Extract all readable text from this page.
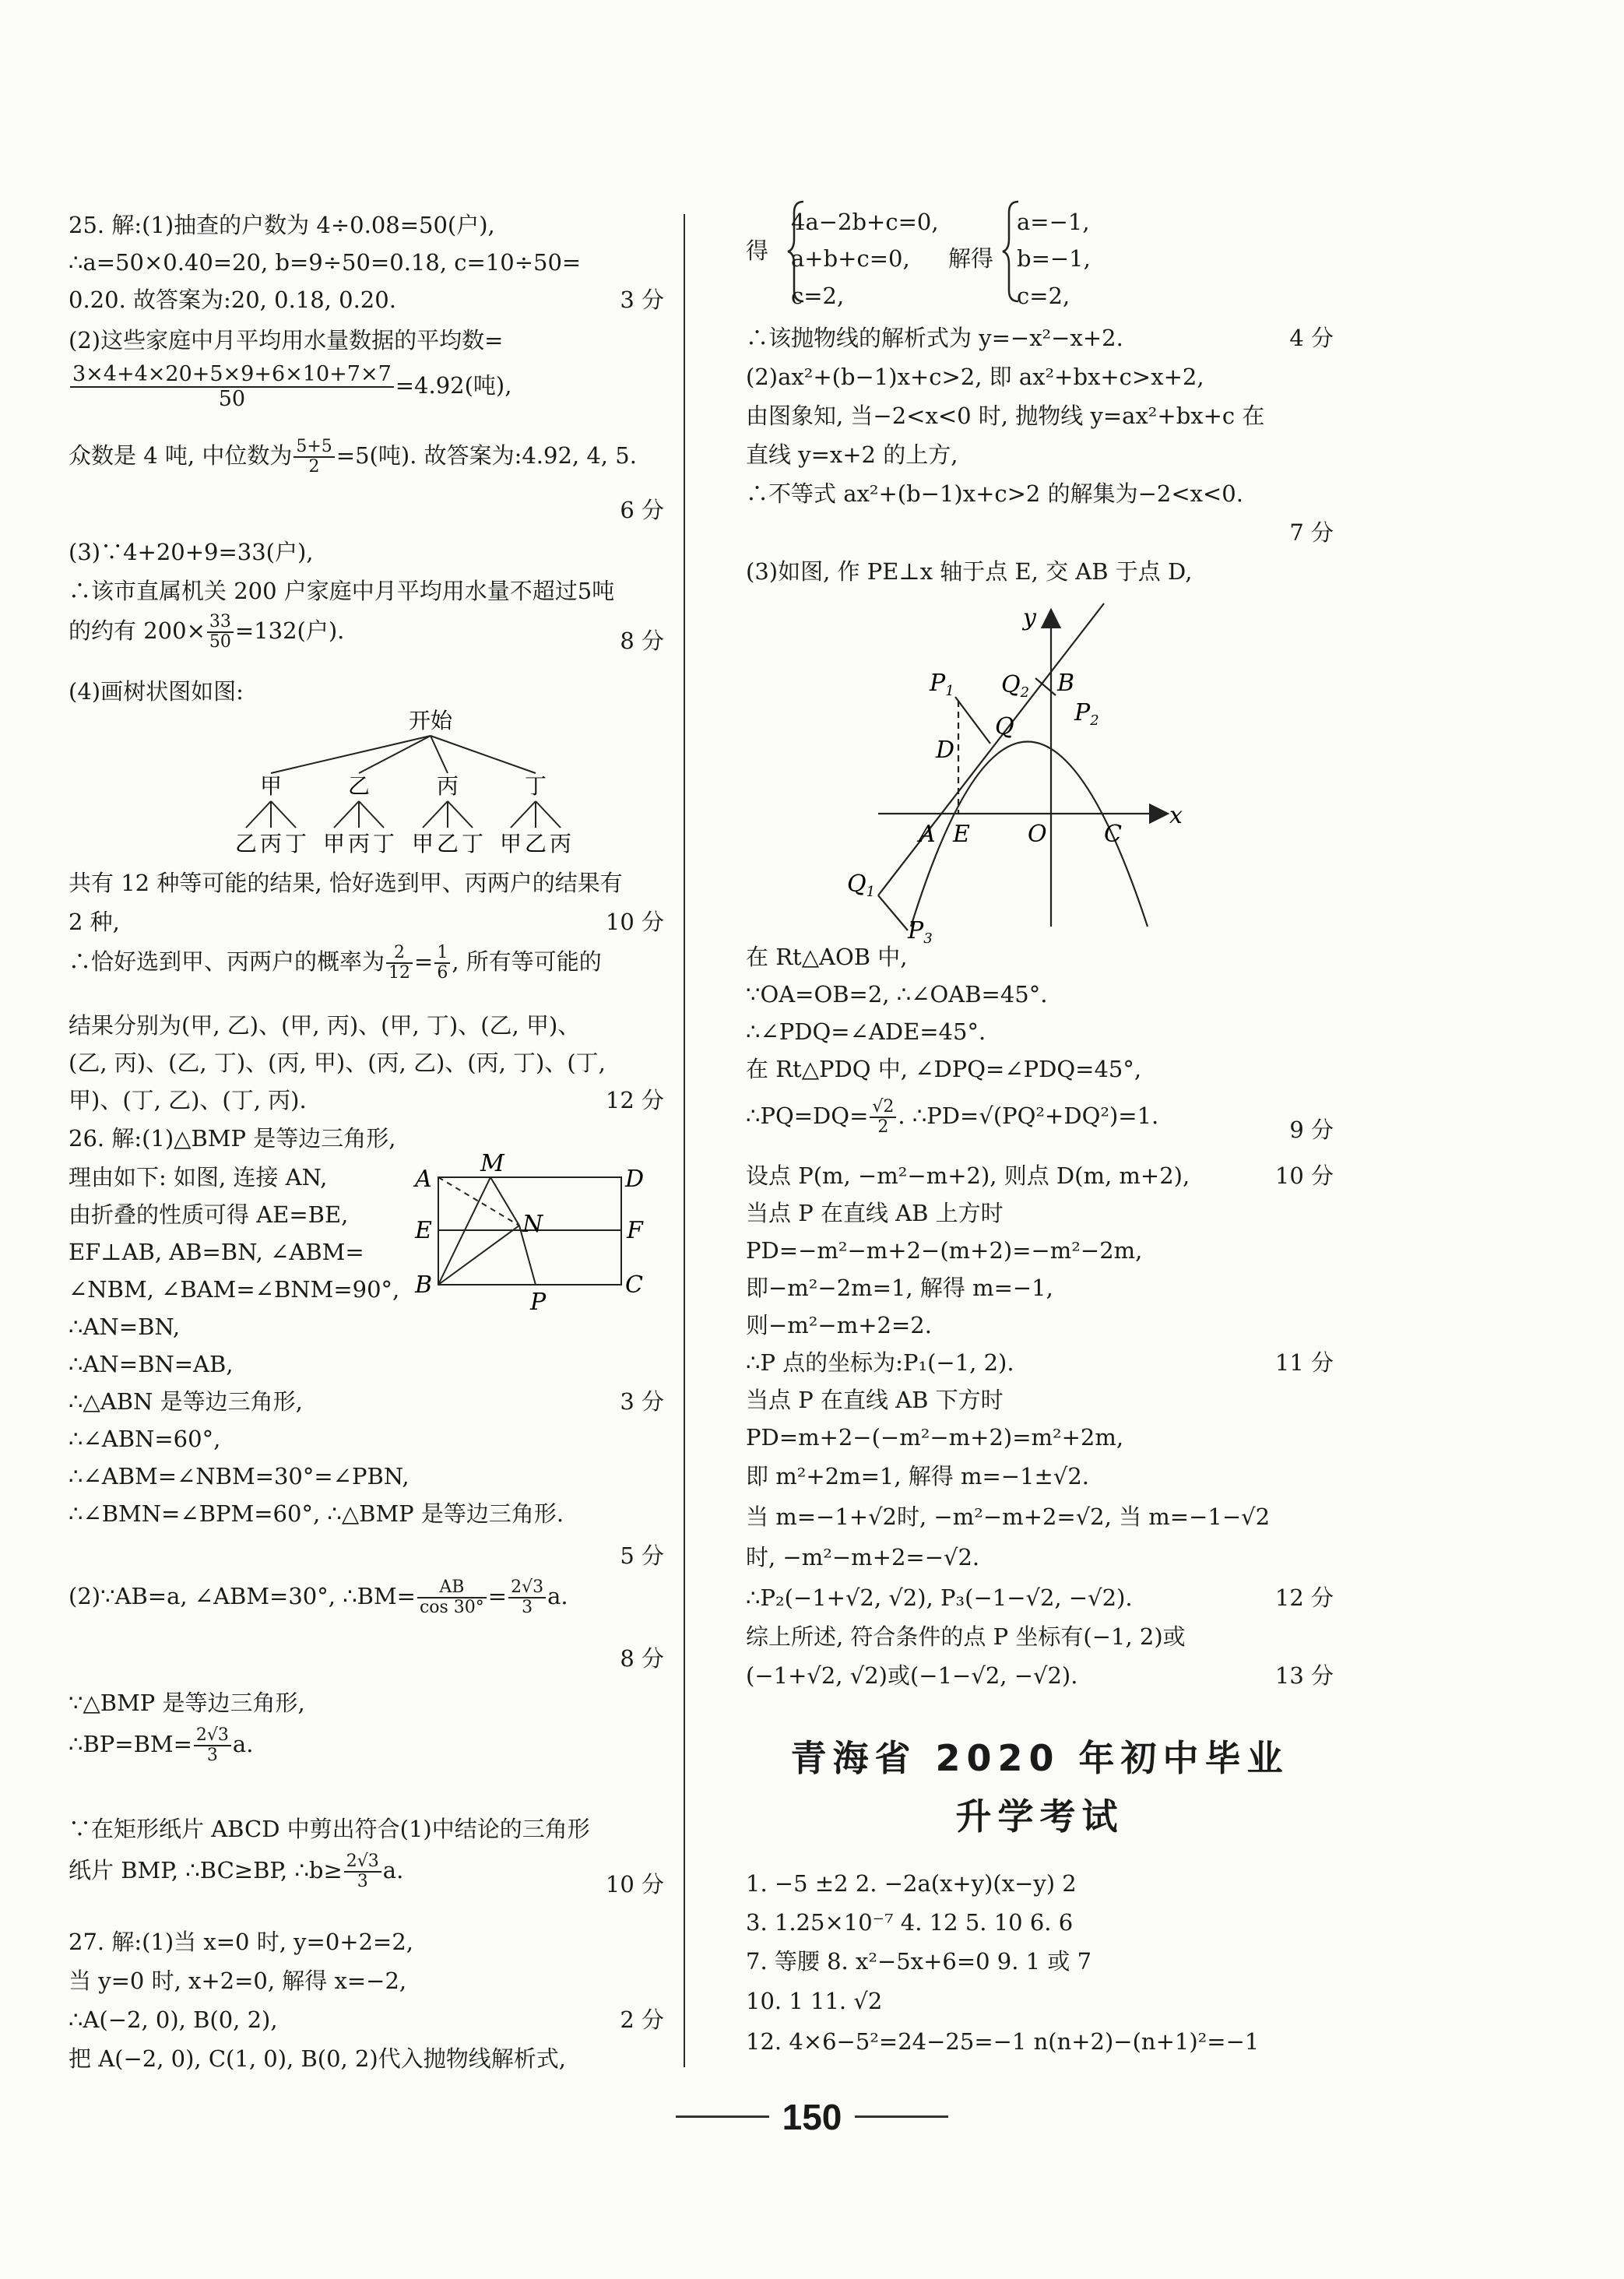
25. 解:(1)抽查的户数为 4÷0.08=50(户),
∴a=50×0.40=20, b=9÷50=0.18, c=10÷50=
0.20. 故答案为:20, 0.18, 0.20.	3 分
(2)这些家庭中月平均用水量数据的平均数=
$\frac{3\times 4+4\times 20+5\times 9+6\times 10+7\times 7}{50} =4.92$(吨),
众数是 4 吨, 中位数为 $\frac{5+5}{2} =5$(吨). 故答案为:4.92, 4, 5.
6 分
(3)∵4+20+9=33(户),
∴该市直属机关 200 户家庭中月平均用水量不超过5吨
的约有 $200\times \frac{33}{50} =132$(户).	8 分
(4)画树状图如图:
开始
甲	乙	丙	丁
乙 丙 丁 甲 丙 丁 甲 乙 丁 甲 乙 丙
共有 12 种等可能的结果, 恰好选到甲、丙两户的结果有
2 种,	10 分
∴恰好选到甲、丙两户的概率为 $\frac{2}{12} = \frac{1}{6}$ , 所有等可能的
结果分别为(甲, 乙)、(甲, 丙)、(甲, 丁)、(乙, 甲)、
(乙, 丙)、(乙, 丁)、(丙, 甲)、(丙, 乙)、(丙, 丁)、(丁,
甲)、(丁, 乙)、(丁, 丙).	12 分
26. 解:(1)△BMP 是等边三角形,
理由如下: 如图, 连接 AN,
由折叠的性质可得 AE=BE,
EF⊥AB, AB=BN, ∠ABM=
∠NBM, ∠BAM=∠BNM=90°,
A
M
D
N
E	F
B
P
C
∴AN=BN,
∴AN=BN=AB,
∴△ABN 是等边三角形,	3 分
∴∠ABN=60°,
∴∠ABM=∠NBM=30°=∠PBN,
∴∠BMN=∠BPM=60°, ∴△BMP 是等边三角形.
5 分
(2)∵AB=a, ∠ABM=30°, ∴BM= $\frac{AB}{\cos 30^\circ} = \frac{2√3}{3} a$.
8 分
∵△BMP 是等边三角形,
∴BP=BM= $\frac{2√3}{3} a$.
∵在矩形纸片 ABCD 中剪出符合(1)中结论的三角形
纸片 BMP, ∴BC≥BP, ∴b≥ $\frac{2√3}{3} a$.
10 分
27. 解:(1)当 x=0 时, y=0+2=2,
当 y=0 时, x+2=0, 解得 x=−2,
∴A(−2, 0), B(0, 2),	2 分
把 A(−2, 0), C(1, 0), B(0, 2)代入抛物线解析式,
得
4a−2b+c=0,
a+b+c=0,
c=2,
解得
a=−1,
b=−1,
c=2,
∴该抛物线的解析式为 y=−x²−x+2.	4 分
(2)ax²+(b−1)x+c>2, 即 ax²+bx+c>x+2,
由图象知, 当−2<x<0 时, 抛物线 y=ax²+bx+c 在
直线 y=x+2 的上方,
∴不等式 ax²+(b−1)x+c>2 的解集为−2<x<0.
7 分
(3)如图, 作 PE⊥x 轴于点 E, 交 AB 于点 D,
y
x
$P_1$ $Q_2$ B
$P_2$
D
Q
A E O C
$Q_1$
$P_3$
在 Rt△AOB 中,
∵OA=OB=2, ∴∠OAB=45°.
∴∠PDQ=∠ADE=45°.
在 Rt△PDQ 中, ∠DPQ=∠PDQ=45°,
∴PQ=DQ= $\frac{√2}{2}$ . ∴PD=√(PQ²+DQ²)=1.
9 分
设点 P(m, −m²−m+2), 则点 D(m, m+2),	10 分
当点 P 在直线 AB 上方时
PD=−m²−m+2−(m+2)=−m²−2m,
即−m²−2m=1, 解得 m=−1,
则−m²−m+2=2.
∴P 点的坐标为:P₁(−1, 2).	11 分
当点 P 在直线 AB 下方时
PD=m+2−(−m²−m+2)=m²+2m,
即 m²+2m=1, 解得 m=−1±√2.
当 m=−1+√2时, −m²−m+2=√2, 当 m=−1−√2
时, −m²−m+2=−√2.
∴P₂(−1+√2, √2), P₃(−1−√2, −√2).	12 分
综上所述, 符合条件的点 P 坐标有(−1, 2)或
(−1+√2, √2)或(−1−√2, −√2).	13 分
1. −5 ±2 2. −2a(x+y)(x−y) 2
3. 1.25×10⁻⁷ 4. 12 5. 10 6. 6
7. 等腰 8. x²−5x+6=0 9. 1 或 7
10. 1 11. √2
12. 4×6−5²=24−25=−1 n(n+2)−(n+1)²=−1
青海省 2020 年初中毕业
升学考试
150
